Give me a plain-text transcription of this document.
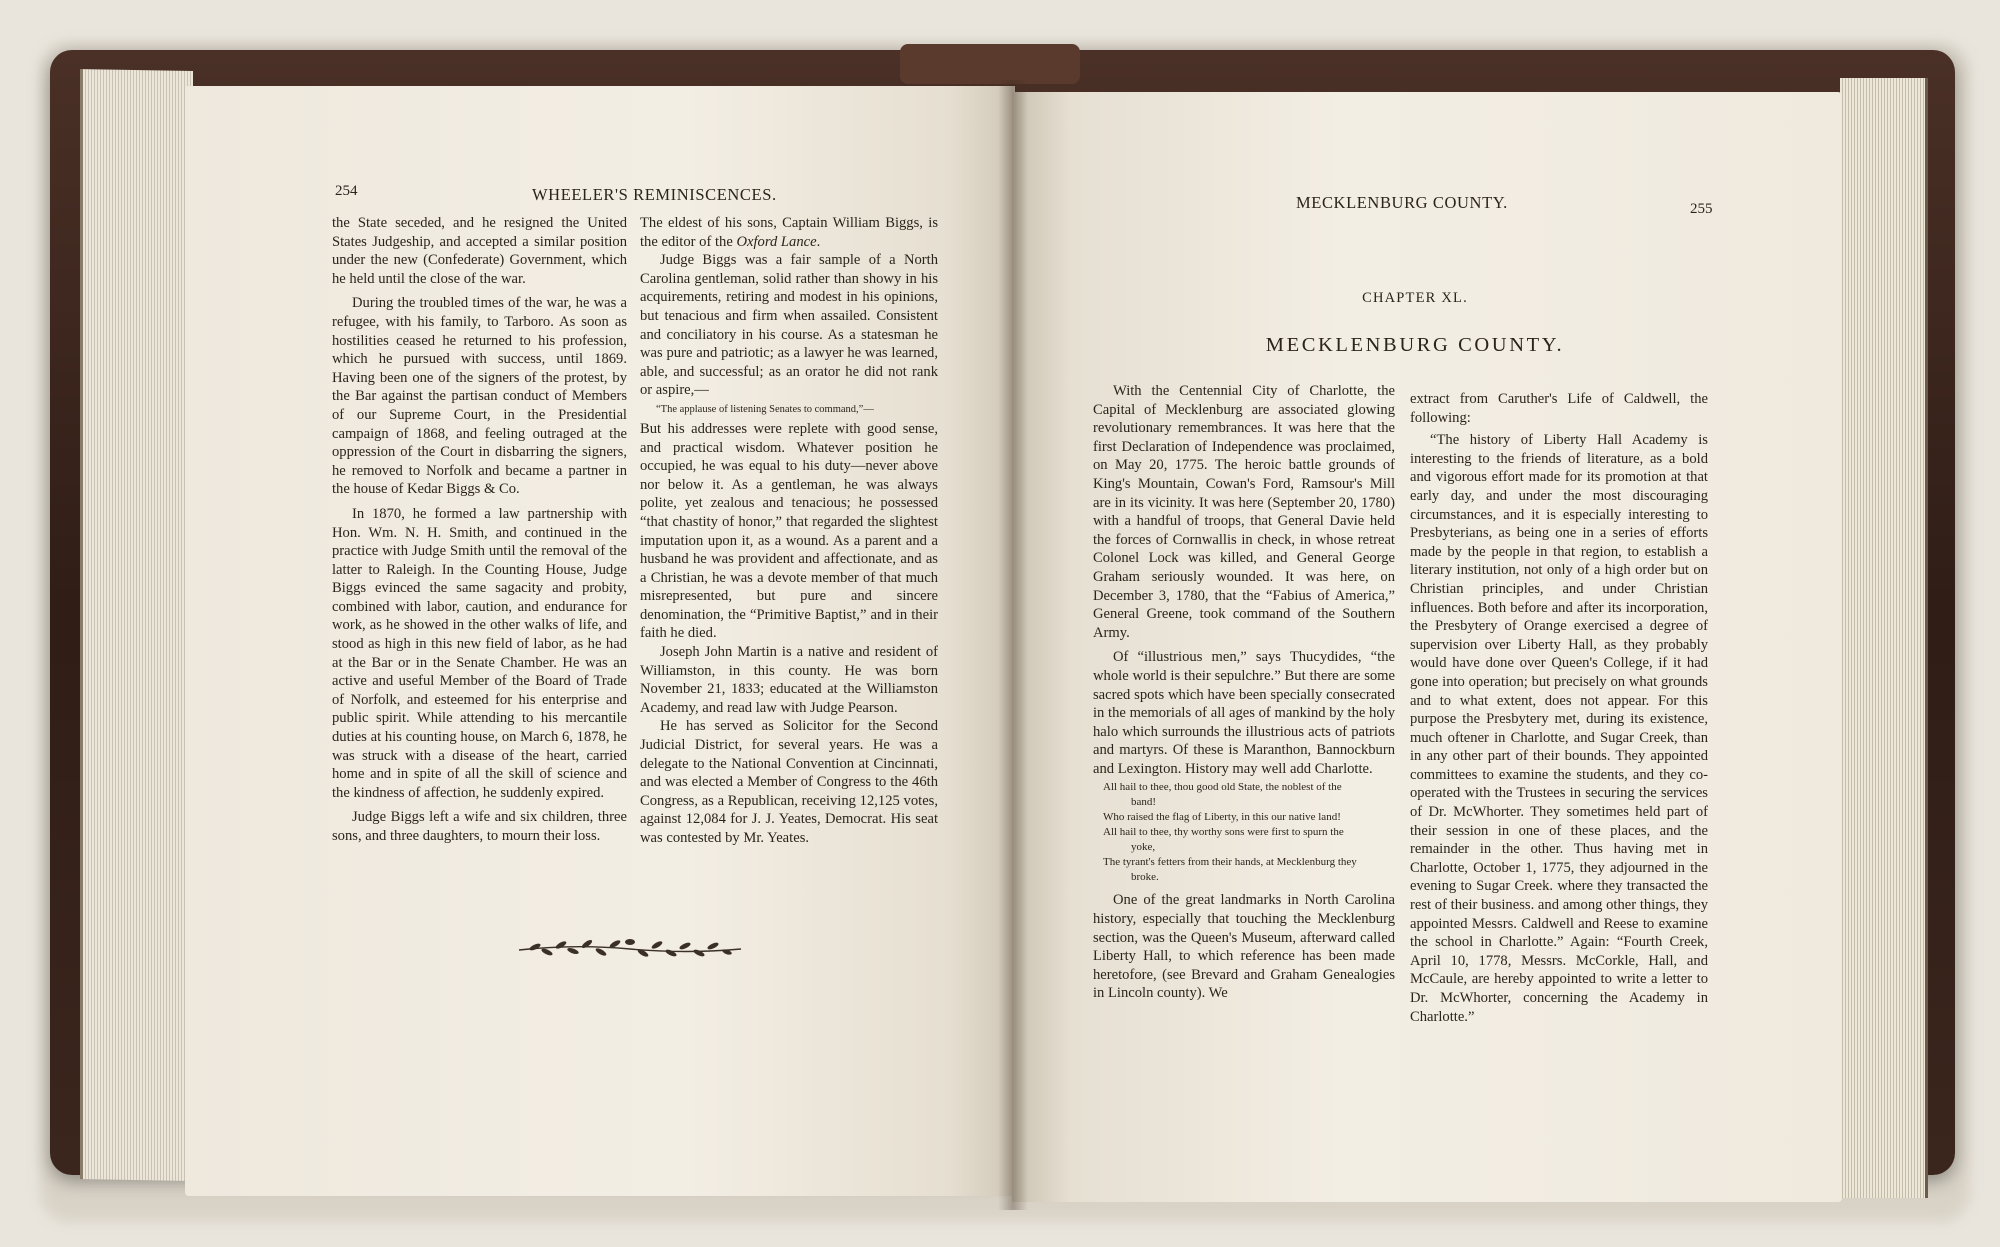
254	WHEELER'S REMINISCENCES.

the State seceded, and he resigned the United States Judgeship, and accepted a similar position under the new (Confederate) Government, which he held until the close of the war.

During the troubled times of the war, he was a refugee, with his family, to Tarboro. As soon as hostilities ceased he returned to his profession, which he pursued with success, until 1869. Having been one of the signers of the protest, by the Bar against the partisan conduct of Members of our Supreme Court, in the Presidential campaign of 1868, and feeling outraged at the oppression of the Court in disbarring the signers, he removed to Norfolk and became a partner in the house of Kedar Biggs & Co.

In 1870, he formed a law partnership with Hon. Wm. N. H. Smith, and continued in the practice with Judge Smith until the removal of the latter to Raleigh. In the Counting House, Judge Biggs evinced the same sagacity and probity, combined with labor, caution, and endurance for work, as he showed in the other walks of life, and stood as high in this new field of labor, as he had at the Bar or in the Senate Chamber. He was an active and useful Member of the Board of Trade of Norfolk, and esteemed for his enterprise and public spirit. While attending to his mercantile duties at his counting house, on March 6, 1878, he was struck with a disease of the heart, carried home and in spite of all the skill of science and the kindness of affection, he suddenly expired.

Judge Biggs left a wife and six children, three sons, and three daughters, to mourn their loss.

The eldest of his sons, Captain William Biggs, is the editor of the Oxford Lance.

Judge Biggs was a fair sample of a North Carolina gentleman, solid rather than showy in his acquirements, retiring and modest in his opinions, but tenacious and firm when assailed. Consistent and conciliatory in his course. As a statesman he was pure and patriotic; as a lawyer he was learned, able, and successful; as an orator he did not rank or aspire,—

“The applause of listening Senates to command,”—

But his addresses were replete with good sense, and practical wisdom. Whatever position he occupied, he was equal to his duty—never above nor below it. As a gentleman, he was always polite, yet zealous and tenacious; he possessed “that chastity of honor,” that regarded the slightest imputation upon it, as a wound. As a parent and a husband he was provident and affectionate, and as a Christian, he was a devote member of that much misrepresented, but pure and sincere denomination, the “Primitive Baptist,” and in their faith he died.

Joseph John Martin is a native and resident of Williamston, in this county. He was born November 21, 1833; educated at the Williamston Academy, and read law with Judge Pearson.

He has served as Solicitor for the Second Judicial District, for several years. He was a delegate to the National Convention at Cincinnati, and was elected a Member of Congress to the 46th Congress, as a Republican, receiving 12,125 votes, against 12,084 for J. J. Yeates, Democrat. His seat was contested by Mr. Yeates.

MECKLENBURG COUNTY.	255
CHAPTER XL.
MECKLENBURG COUNTY.

With the Centennial City of Charlotte, the Capital of Mecklenburg are associated glowing revolutionary remembrances. It was here that the first Declaration of Independence was proclaimed, on May 20, 1775. The heroic battle grounds of King's Mountain, Cowan's Ford, Ramsour's Mill are in its vicinity. It was here (September 20, 1780) with a handful of troops, that General Davie held the forces of Cornwallis in check, in whose retreat Colonel Lock was killed, and General George Graham seriously wounded. It was here, on December 3, 1780, that the “Fabius of America,” General Greene, took command of the Southern Army.

Of “illustrious men,” says Thucydides, “the whole world is their sepulchre.” But there are some sacred spots which have been specially consecrated in the memorials of all ages of mankind by the holy halo which surrounds the illustrious acts of patriots and martyrs. Of these is Maranthon, Bannockburn and Lexington. History may well add Charlotte.

All hail to thee, thou good old State, the noblest of the
band!
Who raised the flag of Liberty, in this our native land!
All hail to thee, thy worthy sons were first to spurn the
yoke,
The tyrant's fetters from their hands, at Mecklenburg they
broke.

One of the great landmarks in North Carolina history, especially that touching the Mecklenburg section, was the Queen's Museum, afterward called Liberty Hall, to which reference has been made heretofore, (see Brevard and Graham Genealogies in Lincoln county). We

extract from Caruther's Life of Caldwell, the following:

“The history of Liberty Hall Academy is interesting to the friends of literature, as a bold and vigorous effort made for its promotion at that early day, and under the most discouraging circumstances, and it is especially interesting to Presbyterians, as being one in a series of efforts made by the people in that region, to establish a literary institution, not only of a high order but on Christian principles, and under Christian influences. Both before and after its incorporation, the Presbytery of Orange exercised a degree of supervision over Liberty Hall, as they probably would have done over Queen's College, if it had gone into operation; but precisely on what grounds and to what extent, does not appear. For this purpose the Presbytery met, during its existence, much oftener in Charlotte, and Sugar Creek, than in any other part of their bounds. They appointed committees to examine the students, and they co-operated with the Trustees in securing the services of Dr. McWhorter. They sometimes held part of their session in one of these places, and the remainder in the other. Thus having met in Charlotte, October 1, 1775, they adjourned in the evening to Sugar Creek. where they transacted the rest of their business. and among other things, they appointed Messrs. Caldwell and Reese to examine the school in Charlotte.” Again: “Fourth Creek, April 10, 1778, Messrs. McCorkle, Hall, and McCaule, are hereby appointed to write a letter to Dr. McWhorter, concerning the Academy in Charlotte.”
